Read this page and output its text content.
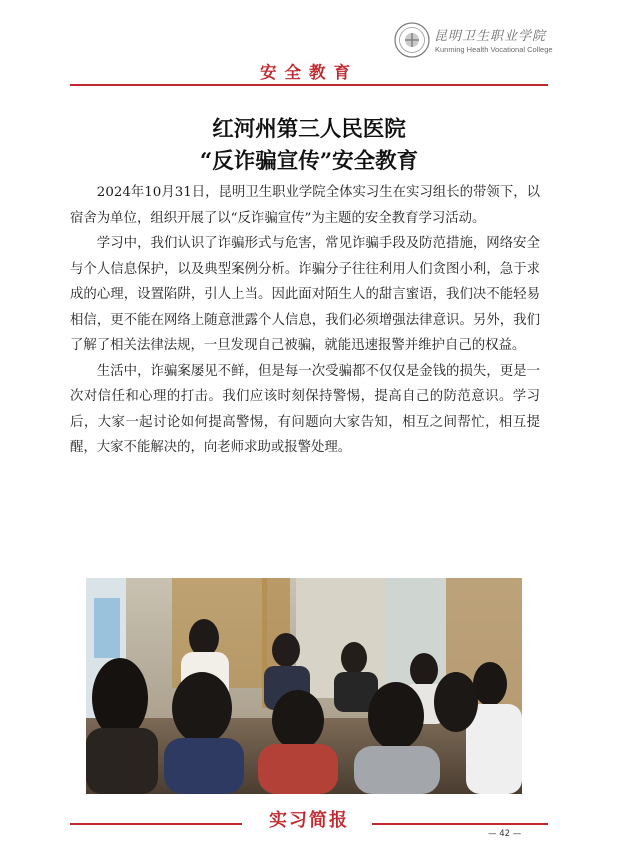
昆明卫生职业学院
Kunming Health Vocational College
安全教育
红河州第三人民医院
“反诈骗宣传”安全教育

2024年10月31日，昆明卫生职业学院全体实习生在实习组长的带领下，以宿舍为单位，组织开展了以“反诈骗宣传”为主题的安全教育学习活动。

学习中，我们认识了诈骗形式与危害，常见诈骗手段及防范措施，网络安全与个人信息保护，以及典型案例分析。诈骗分子往往利用人们贪图小利，急于求成的心理，设置陷阱，引人上当。因此面对陌生人的甜言蜜语，我们决不能轻易相信，更不能在网络上随意泄露个人信息，我们必须增强法律意识。另外，我们了解了相关法律法规，一旦发现自己被骗，就能迅速报警并维护自己的权益。

生活中，诈骗案屡见不鲜，但是每一次受骗都不仅仅是金钱的损失，更是一次对信任和心理的打击。我们应该时刻保持警惕，提高自己的防范意识。学习后，大家一起讨论如何提高警惕，有问题向大家告知，相互之间帮忙，相互提醒，大家不能解决的，向老师求助或报警处理。

实习简报
— 42 —
